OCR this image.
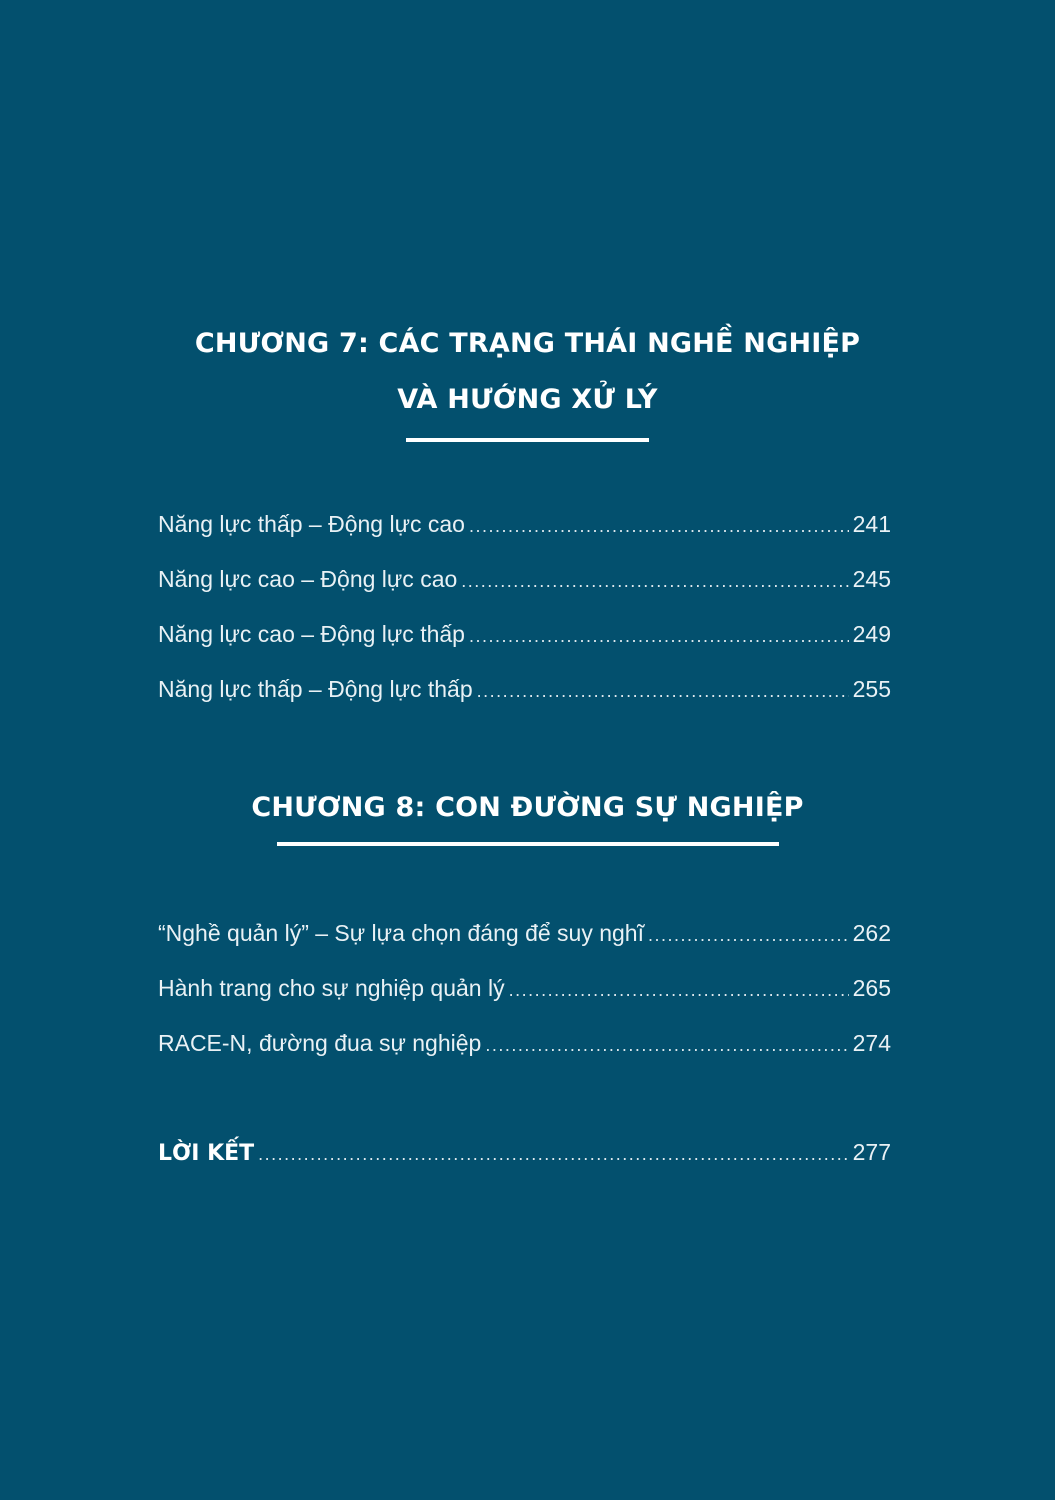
CHƯƠNG 7: CÁC TRẠNG THÁI NGHỀ NGHIỆP
VÀ HƯỚNG XỬ LÝ
Năng lực thấp – Động lực cao .....	241
Năng lực cao – Động lực cao .....	245
Năng lực cao – Động lực thấp .....	249
Năng lực thấp – Động lực thấp .....	255
CHƯƠNG 8: CON ĐƯỜNG SỰ NGHIỆP
“Nghề quản lý” – Sự lựa chọn đáng để suy nghĩ .....	262
Hành trang cho sự nghiệp quản lý .....	265
RACE-N, đường đua sự nghiệp .....	274
LỜI KẾT .....	277
